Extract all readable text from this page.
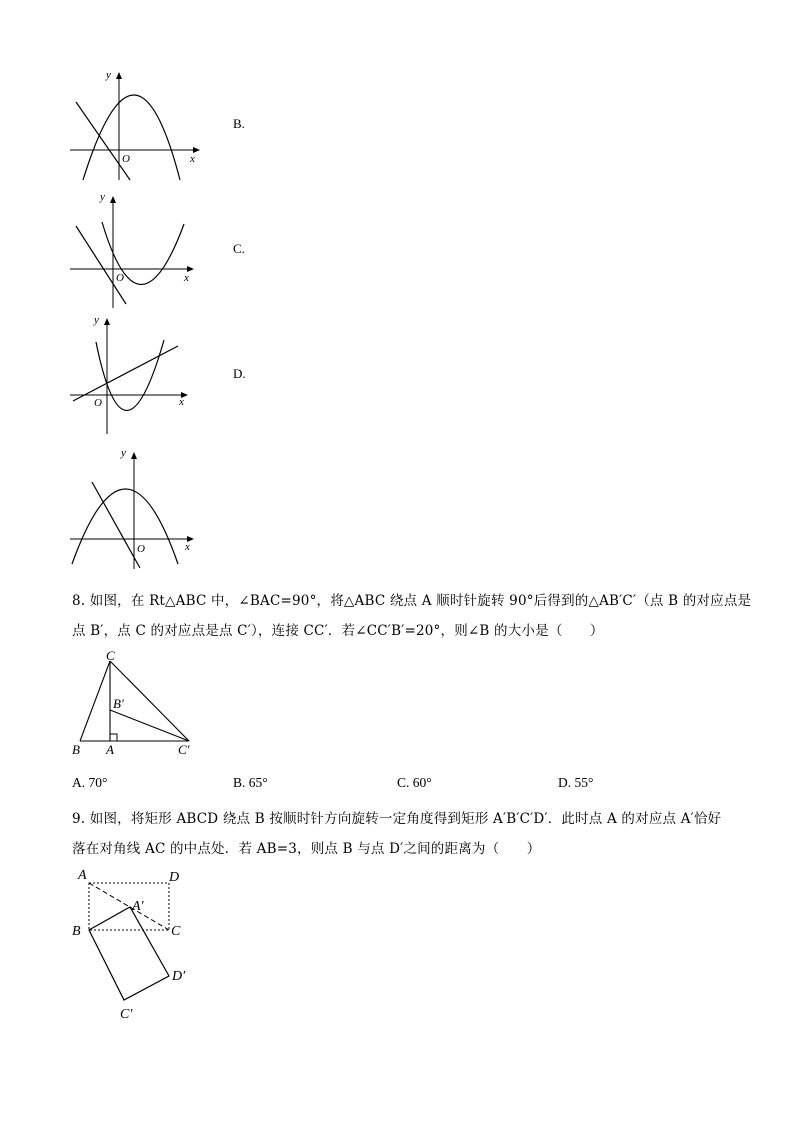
y
x
O
B.
y
x
O
C.
y
x
O
D.
y
x
O
8. 如图，在 Rt△ABC 中，∠BAC=90°，将△ABC 绕点 A 顺时针旋转 90°后得到的△AB′C′（点 B 的对应点是
点 B′，点 C 的对应点是点 C′），连接 CC′．若∠CC′B′=20°，则∠B 的大小是（　　）
C
B′
B A	C′
A. 70°	B. 65°	C. 60°	D. 55°
9. 如图，将矩形 ABCD 绕点 B 按顺时针方向旋转一定角度得到矩形 A′B′C′D′．此时点 A 的对应点 A′恰好
落在对角线 AC 的中点处．若 AB=3，则点 B 与点 D′之间的距离为（　　）
A	D
A′
B	C
D′
C′
